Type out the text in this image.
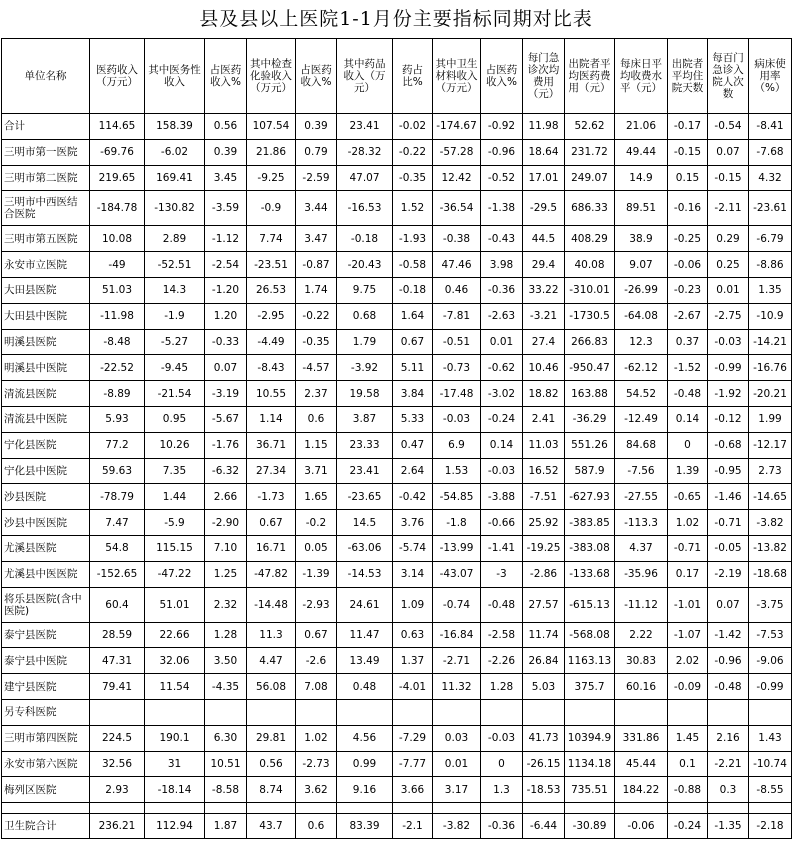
县及县以上医院1-1月份主要指标同期对比表
单位名称	医药收入（万元）	其中医务性收入	占医药收入%	其中检查化验收入（万元）	占医药收入%	其中药品收入（万元）	药占比%	其中卫生材料收入（万元）	占医药收入%	每门急诊次均费用（元）	出院者平均医药费用（元）	每床日平均收费水平（元）	出院者平均住院天数	每百门急诊入院人次数	病床使用率（%）
合计	114.65	158.39	0.56	107.54	0.39	23.41	-0.02	-174.67	-0.92	11.98	52.62	21.06	-0.17	-0.54	-8.41
三明市第一医院	-69.76	-6.02	0.39	21.86	0.79	-28.32	-0.22	-57.28	-0.96	18.64	231.72	49.44	-0.15	0.07	-7.68
三明市第二医院	219.65	169.41	3.45	-9.25	-2.59	47.07	-0.35	12.42	-0.52	17.01	249.07	14.9	0.15	-0.15	4.32
三明市中西医结合医院	-184.78	-130.82	-3.59	-0.9	3.44	-16.53	1.52	-36.54	-1.38	-29.5	686.33	89.51	-0.16	-2.11	-23.61
三明市第五医院	10.08	2.89	-1.12	7.74	3.47	-0.18	-1.93	-0.38	-0.43	44.5	408.29	38.9	-0.25	0.29	-6.79
永安市立医院	-49	-52.51	-2.54	-23.51	-0.87	-20.43	-0.58	47.46	3.98	29.4	40.08	9.07	-0.06	0.25	-8.86
大田县医院	51.03	14.3	-1.20	26.53	1.74	9.75	-0.18	0.46	-0.36	33.22	-310.01	-26.99	-0.23	0.01	1.35
大田县中医院	-11.98	-1.9	1.20	-2.95	-0.22	0.68	1.64	-7.81	-2.63	-3.21	-1730.5	-64.08	-2.67	-2.75	-10.9
明溪县医院	-8.48	-5.27	-0.33	-4.49	-0.35	1.79	0.67	-0.51	0.01	27.4	266.83	12.3	0.37	-0.03	-14.21
明溪县中医院	-22.52	-9.45	0.07	-8.43	-4.57	-3.92	5.11	-0.73	-0.62	10.46	-950.47	-62.12	-1.52	-0.99	-16.76
清流县医院	-8.89	-21.54	-3.19	10.55	2.37	19.58	3.84	-17.48	-3.02	18.82	163.88	54.52	-0.48	-1.92	-20.21
清流县中医院	5.93	0.95	-5.67	1.14	0.6	3.87	5.33	-0.03	-0.24	2.41	-36.29	-12.49	0.14	-0.12	1.99
宁化县医院	77.2	10.26	-1.76	36.71	1.15	23.33	0.47	6.9	0.14	11.03	551.26	84.68	0	-0.68	-12.17
宁化县中医院	59.63	7.35	-6.32	27.34	3.71	23.41	2.64	1.53	-0.03	16.52	587.9	-7.56	1.39	-0.95	2.73
沙县医院	-78.79	1.44	2.66	-1.73	1.65	-23.65	-0.42	-54.85	-3.88	-7.51	-627.93	-27.55	-0.65	-1.46	-14.65
沙县中医医院	7.47	-5.9	-2.90	0.67	-0.2	14.5	3.76	-1.8	-0.66	25.92	-383.85	-113.3	1.02	-0.71	-3.82
尤溪县医院	54.8	115.15	7.10	16.71	0.05	-63.06	-5.74	-13.99	-1.41	-19.25	-383.08	4.37	-0.71	-0.05	-13.82
尤溪县中医医院	-152.65	-47.22	1.25	-47.82	-1.39	-14.53	3.14	-43.07	-3	-2.86	-133.68	-35.96	0.17	-2.19	-18.68
将乐县医院(含中医院)	60.4	51.01	2.32	-14.48	-2.93	24.61	1.09	-0.74	-0.48	27.57	-615.13	-11.12	-1.01	0.07	-3.75
泰宁县医院	28.59	22.66	1.28	11.3	0.67	11.47	0.63	-16.84	-2.58	11.74	-568.08	2.22	-1.07	-1.42	-7.53
泰宁县中医院	47.31	32.06	3.50	4.47	-2.6	13.49	1.37	-2.71	-2.26	26.84	1163.13	30.83	2.02	-0.96	-9.06
建宁县医院	79.41	11.54	-4.35	56.08	7.08	0.48	-4.01	11.32	1.28	5.03	375.7	60.16	-0.09	-0.48	-0.99
另专科医院															
三明市第四医院	224.5	190.1	6.30	29.81	1.02	4.56	-7.29	0.03	-0.03	41.73	10394.9	331.86	1.45	2.16	1.43
永安市第六医院	32.56	31	10.51	0.56	-2.73	0.99	-7.77	0.01	0	-26.15	1134.18	45.44	0.1	-2.21	-10.74
梅列区医院	2.93	-18.14	-8.58	8.74	3.62	9.16	3.66	3.17	1.3	-18.53	735.51	184.22	-0.88	0.3	-8.55

卫生院合计	236.21	112.94	1.87	43.7	0.6	83.39	-2.1	-3.82	-0.36	-6.44	-30.89	-0.06	-0.24	-1.35	-2.18
